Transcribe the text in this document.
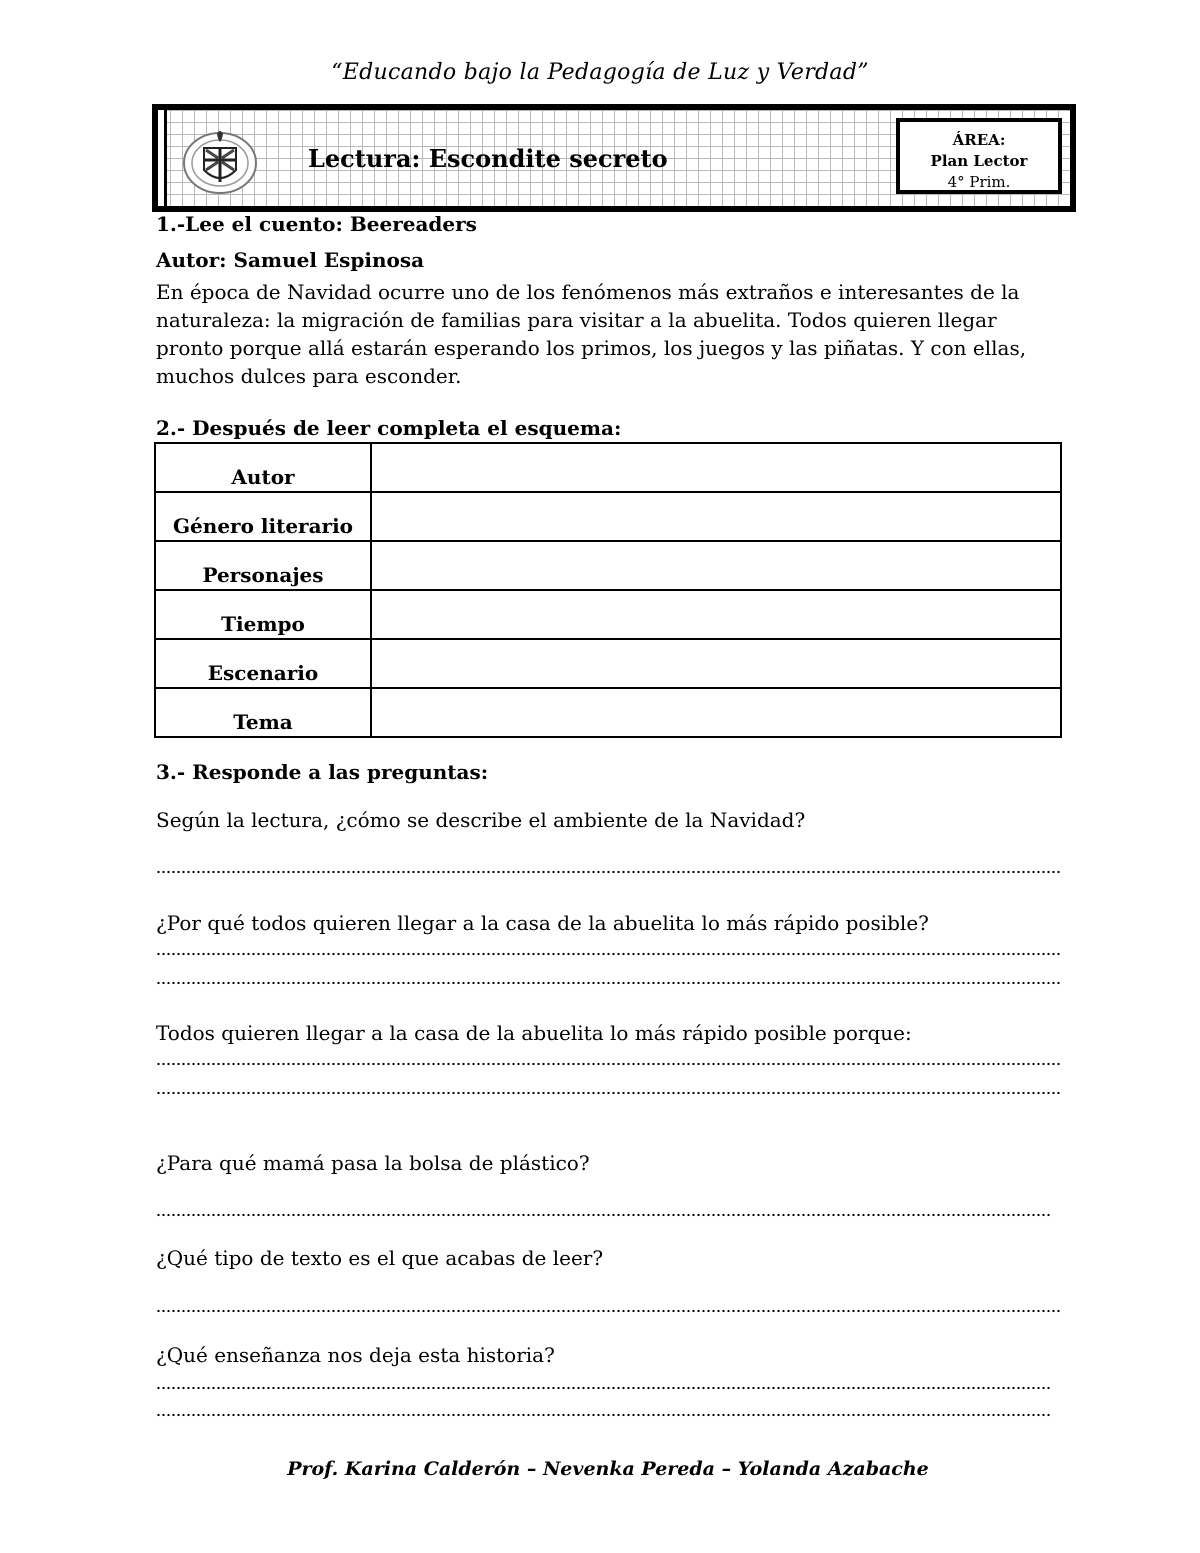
“Educando bajo la Pedagogía de Luz y Verdad”
Lectura: Escondite secreto
ÁREA:
Plan Lector
4° Prim.

1.-Lee el cuento: Beereaders

Autor: Samuel Espinosa

En época de Navidad ocurre uno de los fenómenos más extraños e interesantes de la naturaleza: la migración de familias para visitar a la abuelita. Todos quieren llegar pronto porque allá estarán esperando los primos, los juegos y las piñatas. Y con ellas, muchos dulces para esconder.

2.- Después de leer completa el esquema:

Autor	
Género literario	
Personajes	
Tiempo	
Escenario	
Tema	

3.- Responde a las preguntas:

Según la lectura, ¿cómo se describe el ambiente de la Navidad?
¿Por qué todos quieren llegar a la casa de la abuelita lo más rápido posible?
Todos quieren llegar a la casa de la abuelita lo más rápido posible porque:
¿Para qué mamá pasa la bolsa de plástico?
¿Qué tipo de texto es el que acabas de leer?
¿Qué enseñanza nos deja esta historia?
Prof. Karina Calderón – Nevenka Pereda – Yolanda Azabache
